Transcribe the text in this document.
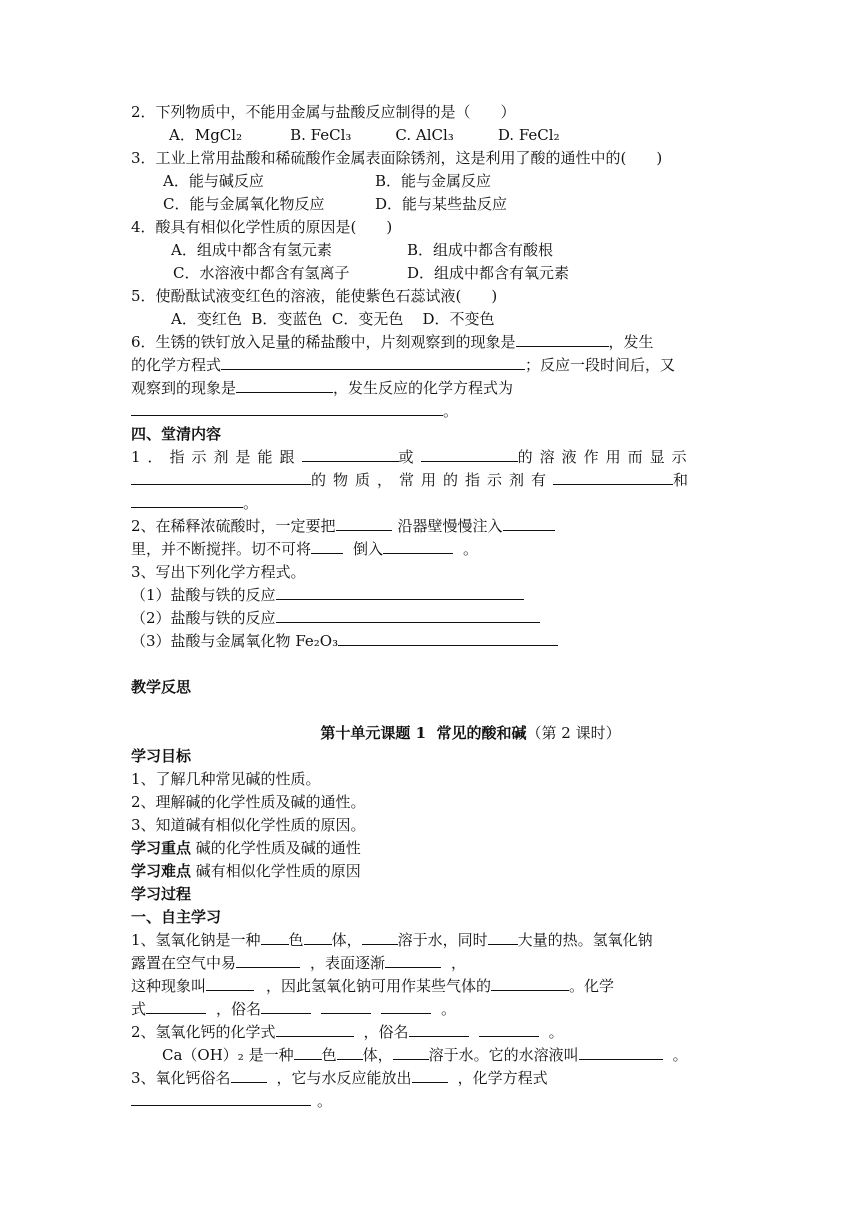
2．下列物质中，不能用金属与盐酸反应制得的是（　　）
A．MgCl₂	B. FeCl₃	C. AlCl₃	D. FeCl₂
3．工业上常用盐酸和稀硫酸作金属表面除锈剂，这是利用了酸的通性中的(　　)
A．能与碱反应	B．能与金属反应
C．能与金属氧化物反应	D．能与某些盐反应
4．酸具有相似化学性质的原因是(　　)
A．组成中都含有氢元素	B．组成中都含有酸根
C．水溶液中都含有氢离子	D．组成中都含有氧元素
5．使酚酞试液变红色的溶液，能使紫色石蕊试液(　　)
A．变红色  B．变蓝色  C．变无色    D．不变色
6．生锈的铁钉放入足量的稀盐酸中，片刻观察到的现象是	，发生
的化学方程式	；反应一段时间后，又
观察到的现象是	，发生反应的化学方程式为
。
四、堂清内容
1．指示剂是能跟	或	的溶液作用而显示
的物质，常用的指示剂有	和
。
2、在稀释浓硫酸时，一定要把	沿器壁慢慢注入
里，并不断搅拌。切不可将	倒入	。
3、写出下列化学方程式。
（1）盐酸与铁的反应
（2）盐酸与铁的反应
（3）盐酸与金属氧化物 Fe₂O₃
教学反思
第十单元课题 1  常见的酸和碱（第 2 课时）
学习目标
1、了解几种常见碱的性质。
2、理解碱的化学性质及碱的通性。
3、知道碱有相似化学性质的原因。
学习重点 碱的化学性质及碱的通性
学习难点 碱有相似化学性质的原因
学习过程
一、自主学习
1、氢氧化钠是一种 色 体， 溶于水，同时 大量的热。氢氧化钠
露置在空气中易	，表面逐渐	，
这种现象叫	，因此氢氧化钠可用作某些气体的	。化学
式	，俗名	。
2、氢氧化钙的化学式	，俗名	。
Ca（OH）₂ 是一种 色 体， 溶于水。它的水溶液叫	。
3、氧化钙俗名	，它与水反应能放出	，化学方程式
。
